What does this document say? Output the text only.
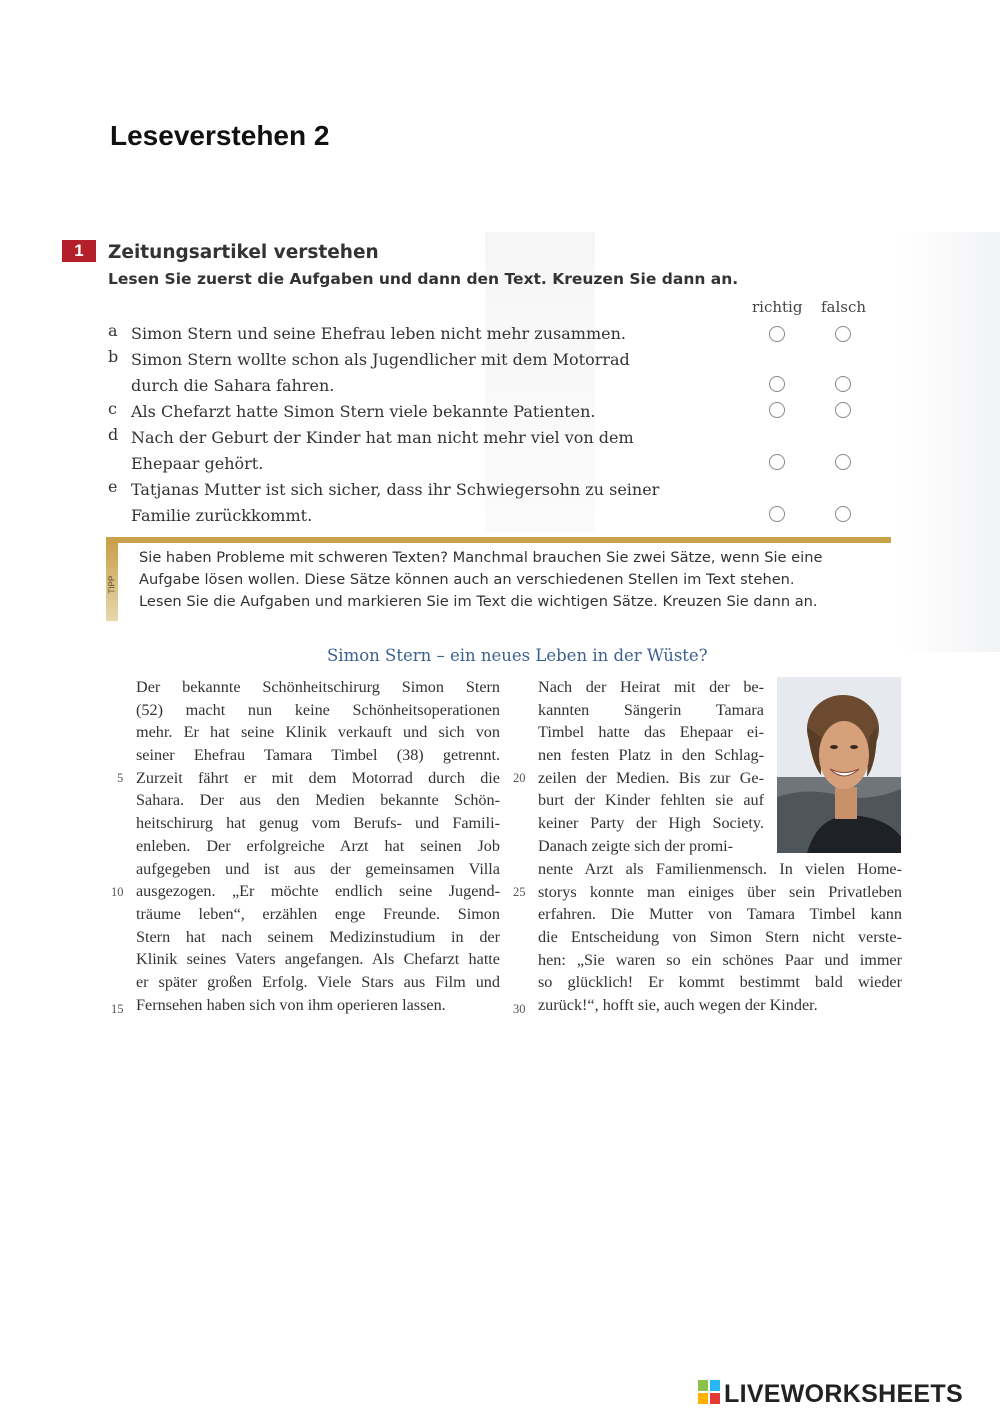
Leseverstehen 2
1	Zeitungsartikel verstehen
Lesen Sie zuerst die Aufgaben und dann den Text. Kreuzen Sie dann an.
richtig falsch
a Simon Stern und seine Ehefrau leben nicht mehr zusammen.
b Simon Stern wollte schon als Jugendlicher mit dem Motorrad
durch die Sahara fahren.
c Als Chefarzt hatte Simon Stern viele bekannte Patienten.
d Nach der Geburt der Kinder hat man nicht mehr viel von dem
Ehepaar gehört.
e Tatjanas Mutter ist sich sicher, dass ihr Schwiegersohn zu seiner
Familie zurückkommt.
TIPP
Sie haben Probleme mit schweren Texten? Manchmal brauchen Sie zwei Sätze, wenn Sie eine
Aufgabe lösen wollen. Diese Sätze können auch an verschiedenen Stellen im Text stehen.
Lesen Sie die Aufgaben und markieren Sie im Text die wichtigen Sätze. Kreuzen Sie dann an.
Simon Stern – ein neues Leben in der Wüste?
Der bekannte Schönheitschirurg Simon Stern
(52) macht nun keine Schönheitsoperationen
mehr. Er hat seine Klinik verkauft und sich von
seiner Ehefrau Tamara Timbel (38) getrennt.
Zurzeit fährt er mit dem Motorrad durch die
Sahara. Der aus den Medien bekannte Schön-
heitschirurg hat genug vom Berufs- und Famili-
enleben. Der erfolgreiche Arzt hat seinen Job
aufgegeben und ist aus der gemeinsamen Villa
ausgezogen. „Er möchte endlich seine Jugend-
träume leben“, erzählen enge Freunde. Simon
Stern hat nach seinem Medizinstudium in der
Klinik seines Vaters angefangen. Als Chefarzt hatte
er später großen Erfolg. Viele Stars aus Film und
Fernsehen haben sich von ihm operieren lassen.
5
10
15
Nach der Heirat mit der be-
kannten Sängerin Tamara
Timbel hatte das Ehepaar ei-
nen festen Platz in den Schlag-
zeilen der Medien. Bis zur Ge-
burt der Kinder fehlten sie auf
keiner Party der High Society.
Danach zeigte sich der promi-
nente Arzt als Familienmensch. In vielen Home-
storys konnte man einiges über sein Privatleben
erfahren. Die Mutter von Tamara Timbel kann
die Entscheidung von Simon Stern nicht verste-
hen: „Sie waren so ein schönes Paar und immer
so glücklich! Er kommt bestimmt bald wieder
zurück!“, hofft sie, auch wegen der Kinder.
20
25
30
LIVEWORKSHEETS
